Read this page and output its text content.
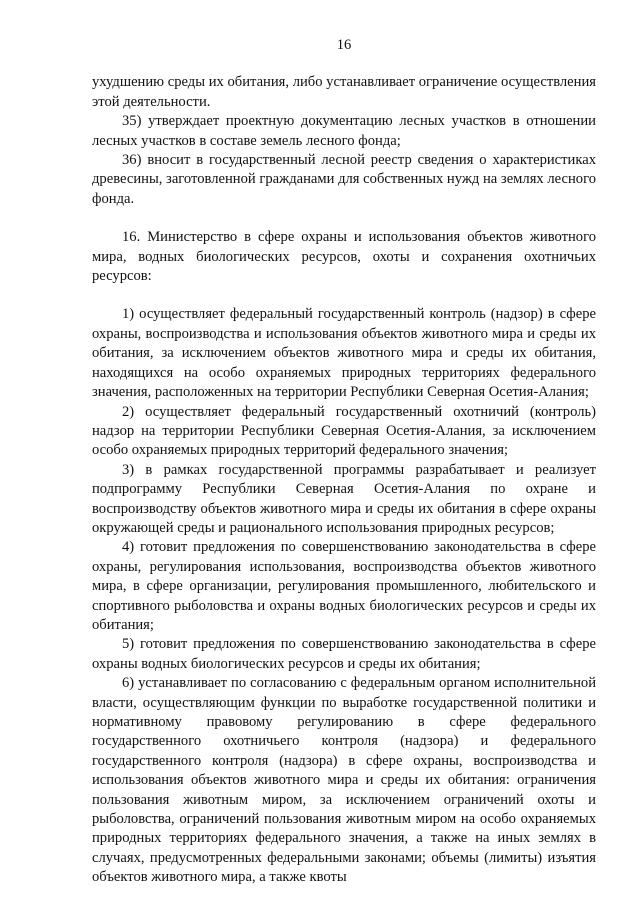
16

ухудшению среды их обитания, либо устанавливает ограничение осуществления этой деятельности.

35) утверждает проектную документацию лесных участков в отношении лесных участков в составе земель лесного фонда;

36) вносит в государственный лесной реестр сведения о характеристиках древесины, заготовленной гражданами для собственных нужд на землях лесного фонда.

16. Министерство в сфере охраны и использования объектов животного мира, водных биологических ресурсов, охоты и сохранения охотничьих ресурсов:

1) осуществляет федеральный государственный контроль (надзор) в сфере охраны, воспроизводства и использования объектов животного мира и среды их обитания, за исключением объектов животного мира и среды их обитания, находящихся на особо охраняемых природных территориях федерального значения, расположенных на территории Республики Северная Осетия-Алания;

2) осуществляет федеральный государственный охотничий (контроль) надзор на территории Республики Северная Осетия-Алания, за исключением особо охраняемых природных территорий федерального значения;

3) в рамках государственной программы разрабатывает и реализует подпрограмму Республики Северная Осетия-Алания по охране и воспроизводству объектов животного мира и среды их обитания в сфере охраны окружающей среды и рационального использования природных ресурсов;

4) готовит предложения по совершенствованию законодательства в сфере охраны, регулирования использования, воспроизводства объектов животного мира, в сфере организации, регулирования промышленного, любительского и спортивного рыболовства и охраны водных биологических ресурсов и среды их обитания;

5) готовит предложения по совершенствованию законодательства в сфере охраны водных биологических ресурсов и среды их обитания;

6) устанавливает по согласованию с федеральным органом исполнительной власти, осуществляющим функции по выработке государственной политики и нормативному правовому регулированию в сфере федерального государственного охотничьего контроля (надзора) и федерального государственного контроля (надзора) в сфере охраны, воспроизводства и использования объектов животного мира и среды их обитания: ограничения пользования животным миром, за исключением ограничений охоты и рыболовства, ограничений пользования животным миром на особо охраняемых природных территориях федерального значения, а также на иных землях в случаях, предусмотренных федеральными законами; объемы (лимиты) изъятия объектов животного мира, а также квоты
